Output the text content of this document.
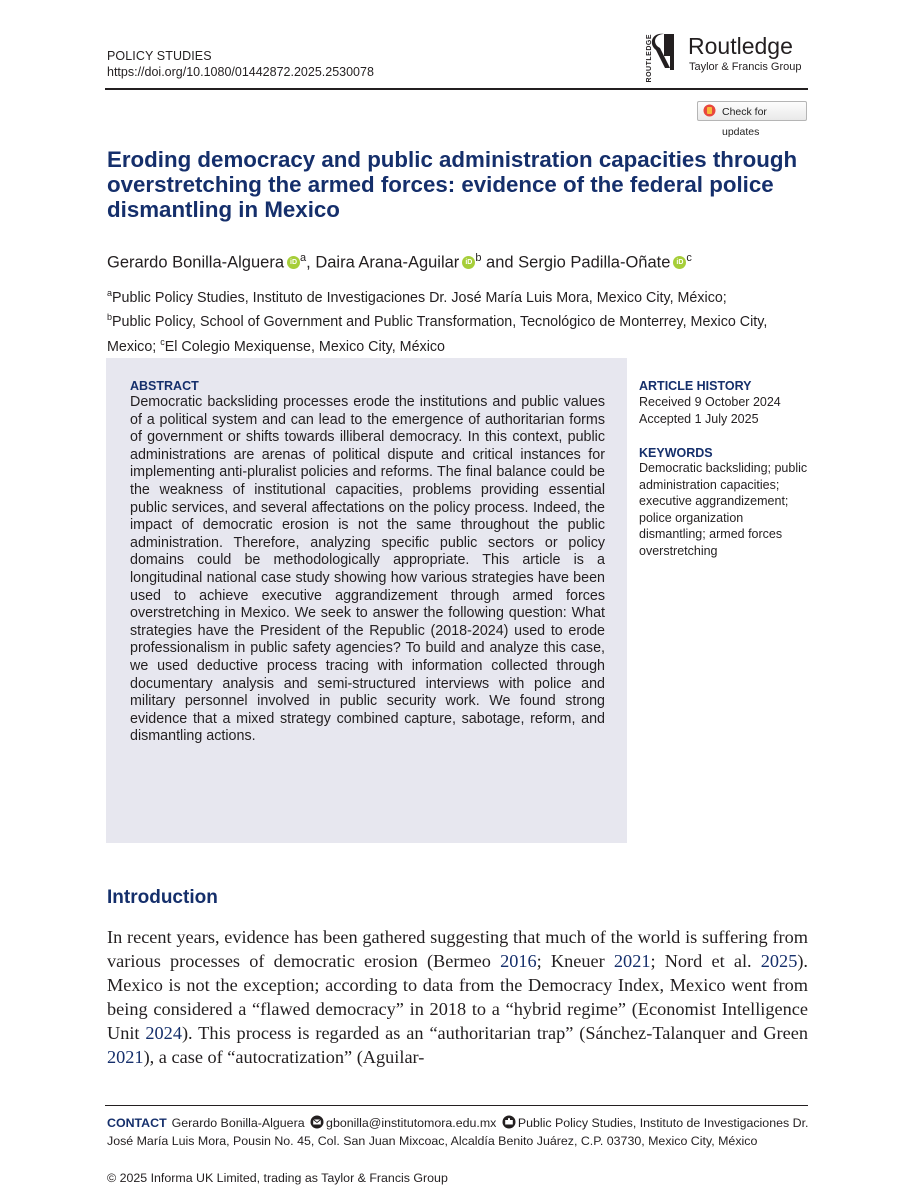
POLICY STUDIES
https://doi.org/10.1080/01442872.2025.2530078	ROUTLEDGE Routledge
Taylor & Francis Group
Check for updates
Eroding democracy and public administration capacities through overstretching the armed forces: evidence of the federal police dismantling in Mexico
Gerardo Bonilla-Alguera iD $^a$, Daira Arana-Aguilar iD $^b$ and Sergio Padilla-Oñate iD $^c$
$^a$Public Policy Studies, Instituto de Investigaciones Dr. José María Luis Mora, Mexico City, México;
$^b$Public Policy, School of Government and Public Transformation, Tecnológico de Monterrey, Mexico City, Mexico; $^c$El Colegio Mexiquense, Mexico City, México
ABSTRACT
Democratic backsliding processes erode the institutions and public values of a political system and can lead to the emergence of authoritarian forms of government or shifts towards illiberal democracy. In this context, public administrations are arenas of political dispute and critical instances for implementing anti-pluralist policies and reforms. The final balance could be the weakness of institutional capacities, problems providing essential public services, and several affectations on the policy process. Indeed, the impact of democratic erosion is not the same throughout the public administration. Therefore, analyzing specific public sectors or policy domains could be methodologically appropriate. This article is a longitudinal national case study showing how various strategies have been used to achieve executive aggrandizement through armed forces overstretching in Mexico. We seek to answer the following question: What strategies have the President of the Republic (2018-2024) used to erode professionalism in public safety agencies? To build and analyze this case, we used deductive process tracing with information collected through documentary analysis and semi-structured interviews with police and military personnel involved in public security work. We found strong evidence that a mixed strategy combined capture, sabotage, reform, and dismantling actions.
ARTICLE HISTORY
Received 9 October 2024
Accepted 1 July 2025
KEYWORDS
Democratic backsliding; public administration capacities; executive aggrandizement; police organization dismantling; armed forces overstretching
Introduction
In recent years, evidence has been gathered suggesting that much of the world is suffering from various processes of democratic erosion (Bermeo 2016; Kneuer 2021; Nord et al. 2025). Mexico is not the exception; according to data from the Democracy Index, Mexico went from being considered a “flawed democracy” in 2018 to a “hybrid regime” (Economist Intelligence Unit 2024). This process is regarded as an “authoritarian trap” (Sánchez-Talanquer and Green 2021), a case of “autocratization” (Aguilar-
CONTACT Gerardo Bonilla-Alguera gbonilla@institutomora.edu.mx Public Policy Studies, Instituto de Investigaciones Dr. José María Luis Mora, Pousin No. 45, Col. San Juan Mixcoac, Alcaldía Benito Juárez, C.P. 03730, Mexico City, México
© 2025 Informa UK Limited, trading as Taylor & Francis Group
